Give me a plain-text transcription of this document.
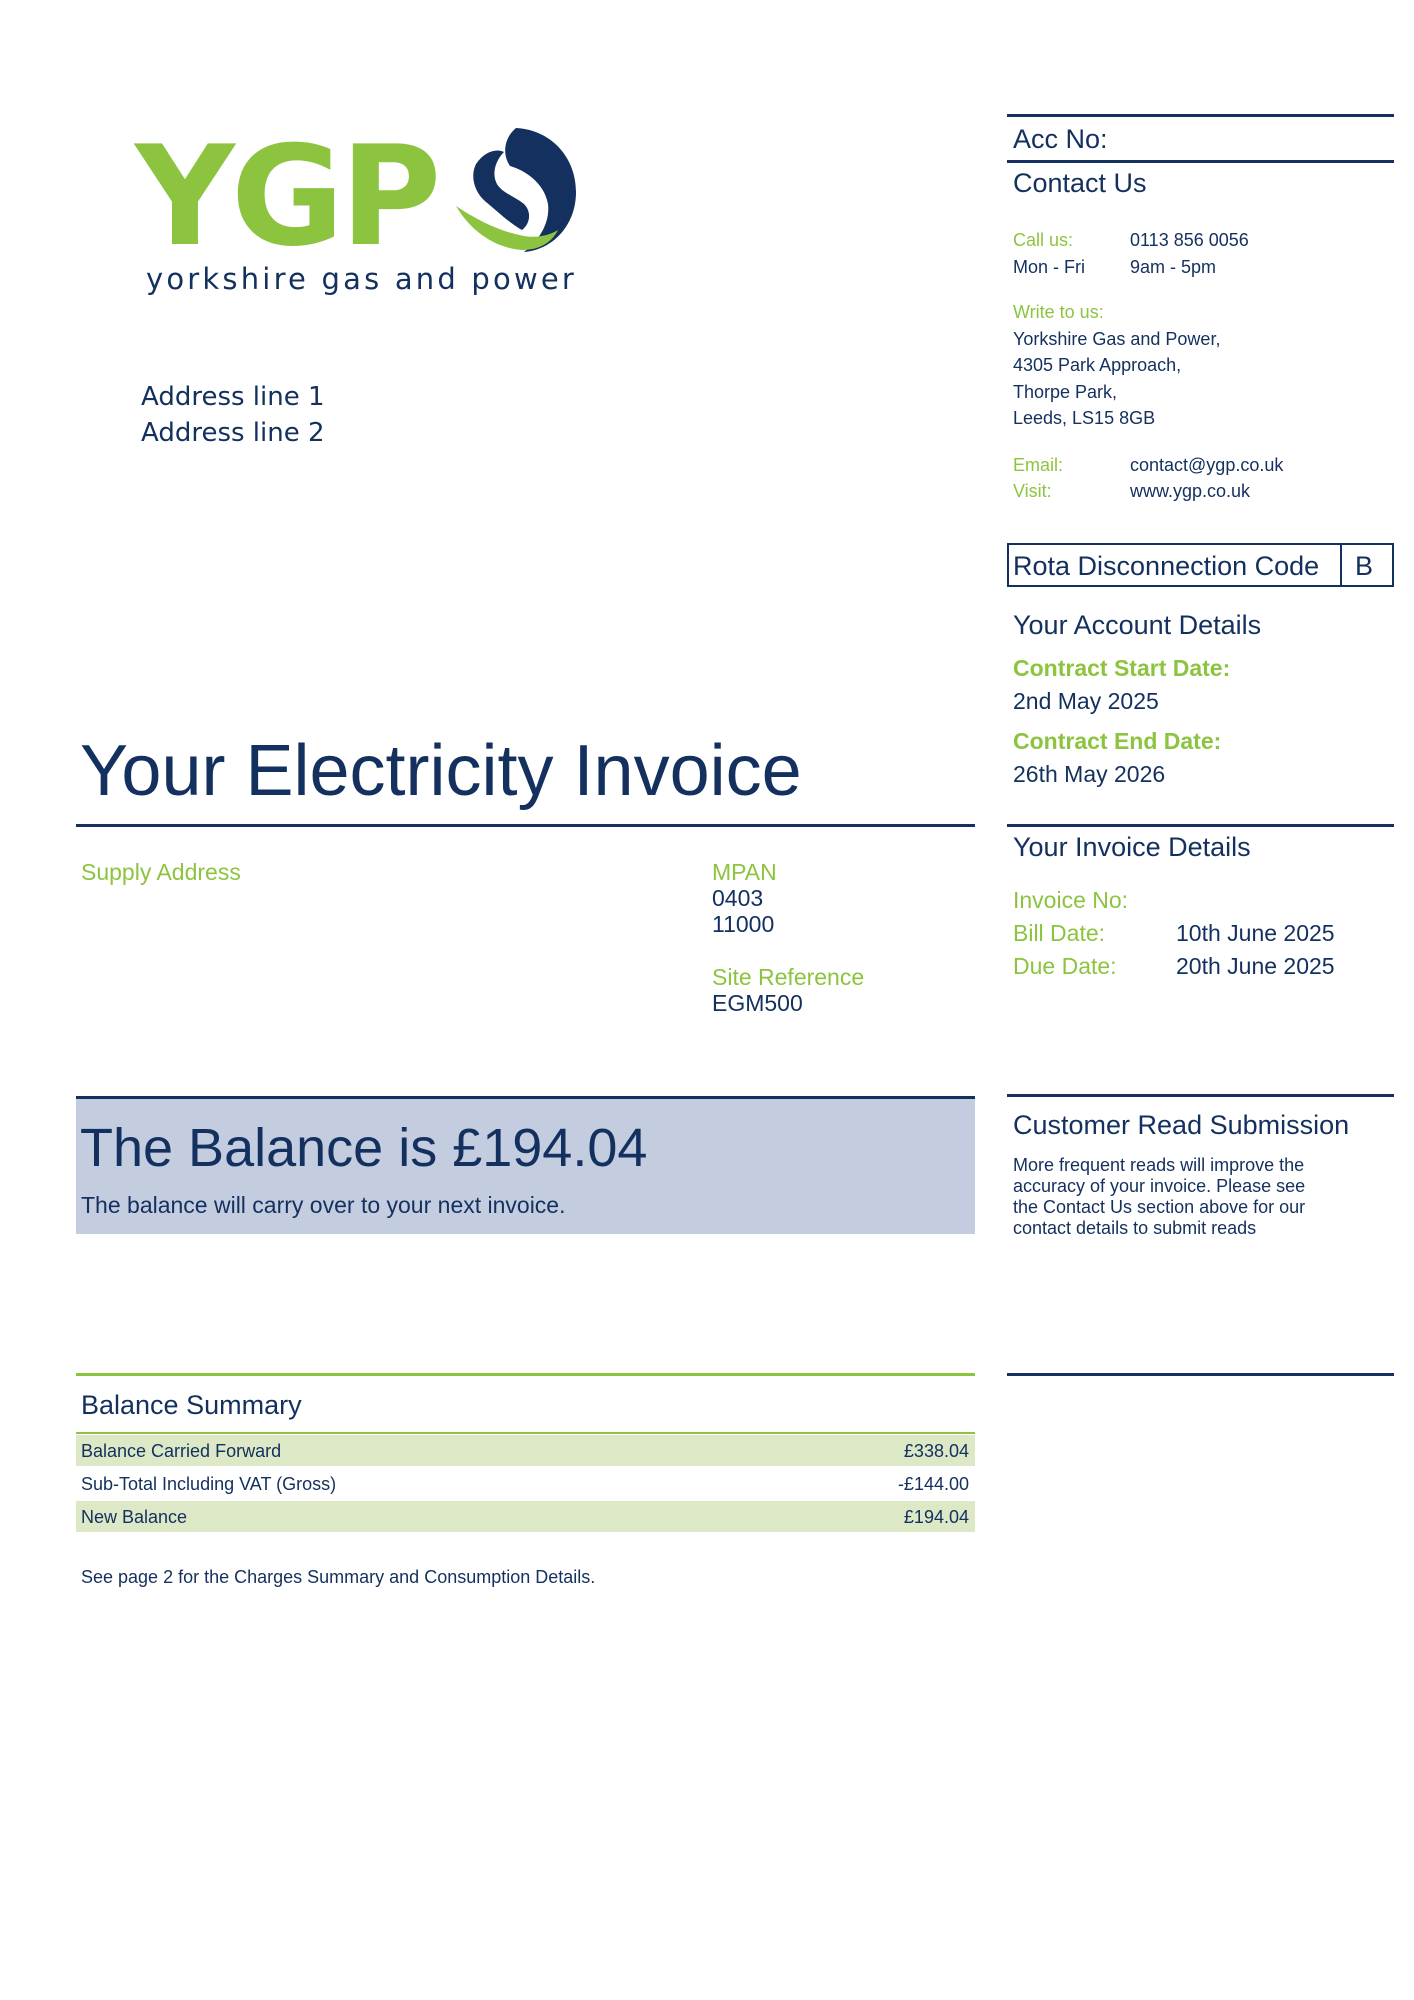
YGP
yorkshire gas and power
Address line 1
Address line 2
Acc No:
Contact Us
Call us:	0113 856 0056
Mon - Fri	9am - 5pm
Write to us:
Yorkshire Gas and Power,
4305 Park Approach,
Thorpe Park,
Leeds, LS15 8GB
Email:	contact@ygp.co.uk
Visit:	www.ygp.co.uk
Rota Disconnection Code B
Your Account Details
Contract Start Date:
2nd May 2025
Contract End Date:
26th May 2026
Your Electricity Invoice
Supply Address	MPAN
0403
11000
Site Reference
EGM500
Your Invoice Details
Invoice No:
Bill Date:	10th June 2025
Due Date:	20th June 2025
The Balance is £194.04
The balance will carry over to your next invoice.
Customer Read Submission
More frequent reads will improve the
accuracy of your invoice. Please see
the Contact Us section above for our
contact details to submit reads
Balance Summary
Balance Carried Forward	£338.04
Sub-Total Including VAT (Gross)	-£144.00
New Balance	£194.04
See page 2 for the Charges Summary and Consumption Details.
